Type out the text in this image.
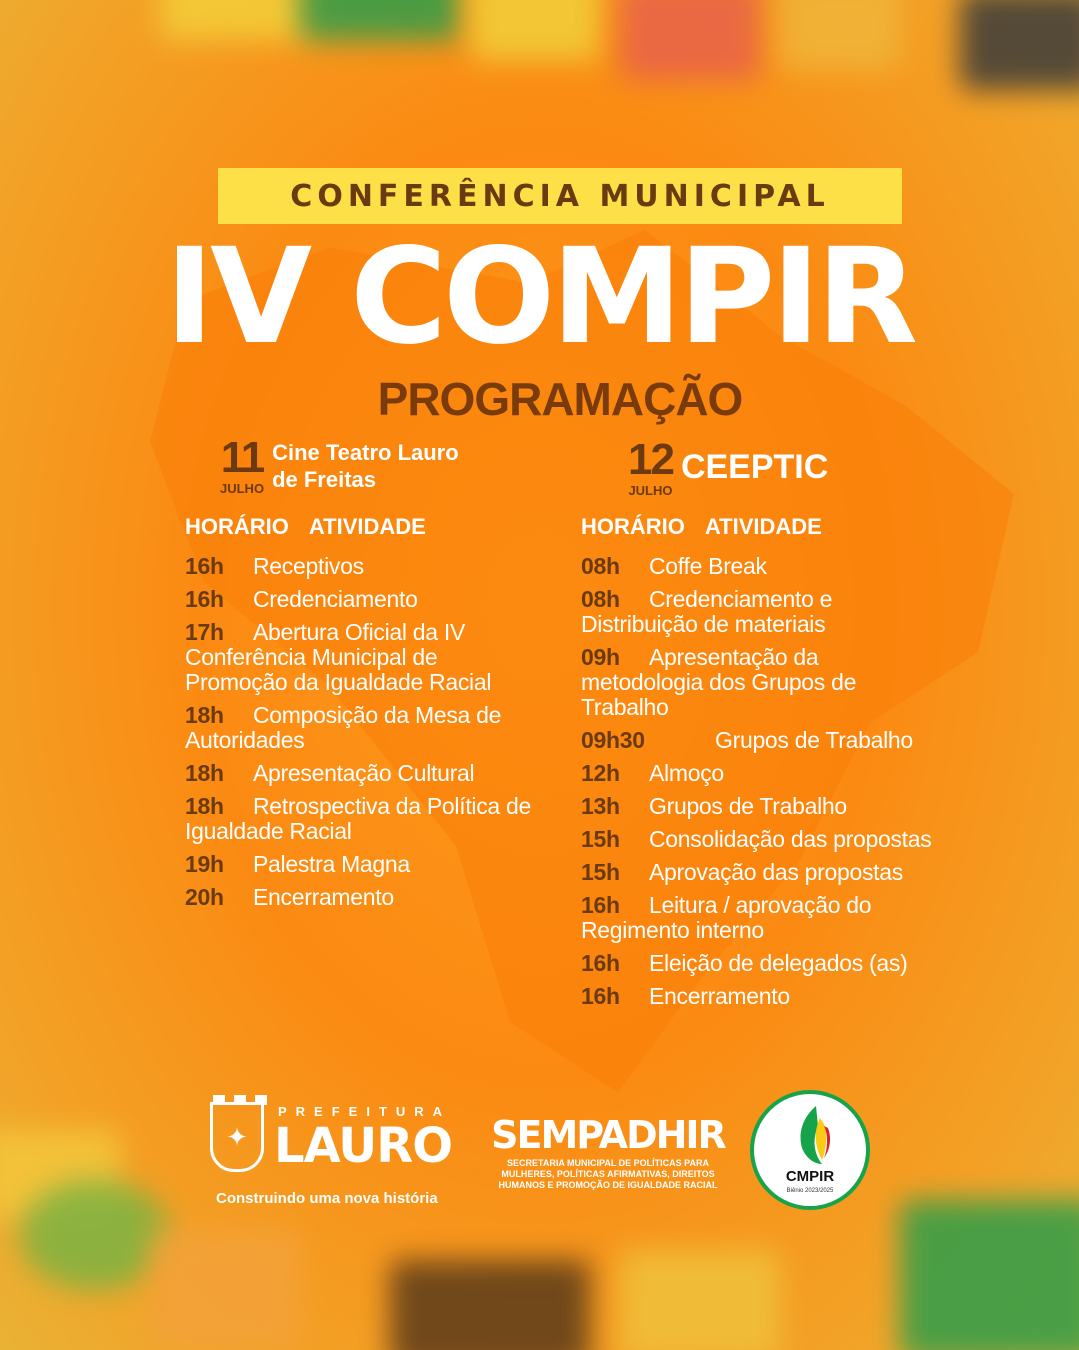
CONFERÊNCIA MUNICIPAL
IV COMPIR
PROGRAMAÇÃO
11
JULHO
Cine Teatro Lauro de Freitas	12
JULHO
CEEPTIC
HORÁRIO ATIVIDADE
16h Receptivos
16h Credenciamento
17h Abertura Oficial da IV Conferência Municipal de Promoção da Igualdade Racial
18h Composição da Mesa de Autoridades
18h Apresentação Cultural
18h Retrospectiva da Política de Igualdade Racial
19h Palestra Magna
20h Encerramento
HORÁRIO ATIVIDADE
08h Coffe Break
08h Credenciamento e Distribuição de materiais
09h Apresentação da metodologia dos Grupos de Trabalho
09h30	Grupos de Trabalho
12h Almoço
13h Grupos de Trabalho
15h Consolidação das propostas
15h Aprovação das propostas
16h Leitura / aprovação do Regimento interno
16h Eleição de delegados (as)
16h Encerramento
✦
PREFEITURA
LAURO
Construindo uma nova história
SEMPADHIR
SECRETARIA MUNICIPAL DE POLÍTICAS PARA MULHERES, POLÍTICAS AFIRMATIVAS, DIREITOS HUMANOS E PROMOÇÃO DE IGUALDADE RACIAL	CMPIR
Biênio 2023/2025
